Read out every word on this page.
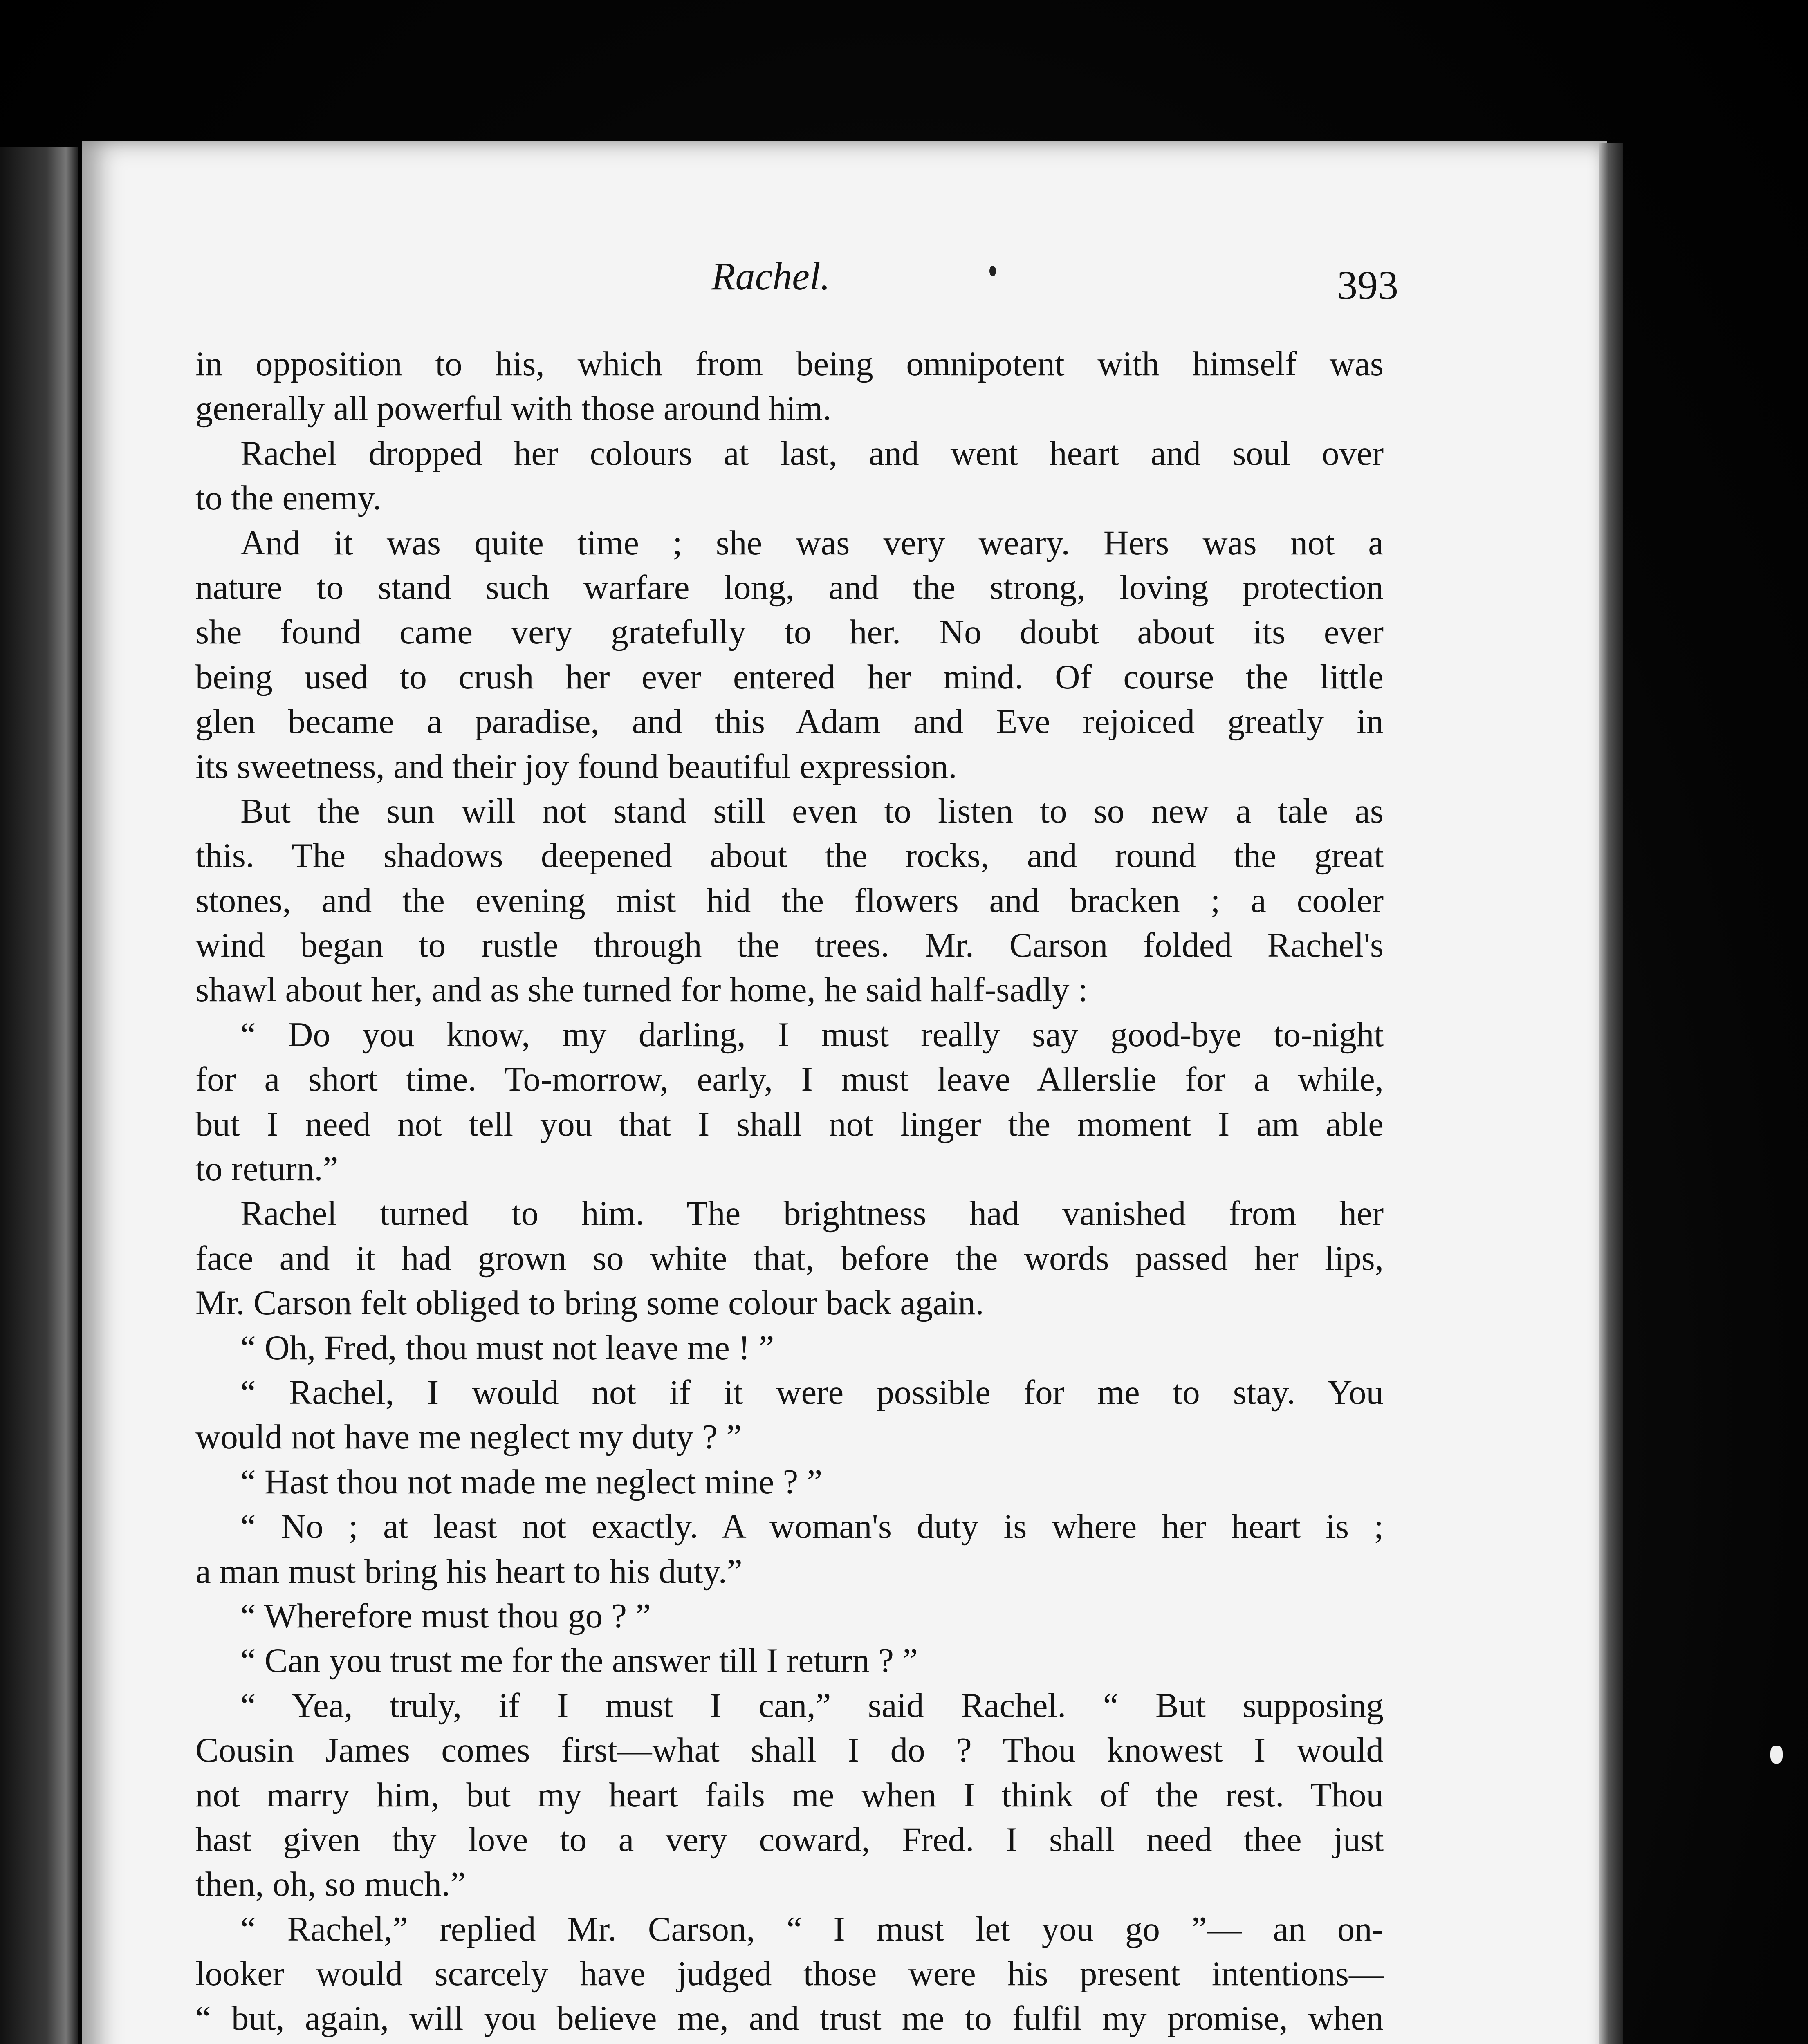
Rachel.	393
in opposition to his, which from being omnipotent with himself was
generally all powerful with those around him.
Rachel dropped her colours at last, and went heart and soul over
to the enemy.
And it was quite time ; she was very weary. Hers was not a
nature to stand such warfare long, and the strong, loving protection
she found came very gratefully to her. No doubt about its ever
being used to crush her ever entered her mind. Of course the little
glen became a paradise, and this Adam and Eve rejoiced greatly in
its sweetness, and their joy found beautiful expression.
But the sun will not stand still even to listen to so new a tale as
this. The shadows deepened about the rocks, and round the great
stones, and the evening mist hid the flowers and bracken ; a cooler
wind began to rustle through the trees. Mr. Carson folded Rachel's
shawl about her, and as she turned for home, he said half-sadly :
“ Do you know, my darling, I must really say good-bye to-night
for a short time. To-morrow, early, I must leave Allerslie for a while,
but I need not tell you that I shall not linger the moment I am able
to return.”
Rachel turned to him. The brightness had vanished from her
face and it had grown so white that, before the words passed her lips,
Mr. Carson felt obliged to bring some colour back again.
“ Oh, Fred, thou must not leave me ! ”
“ Rachel, I would not if it were possible for me to stay. You
would not have me neglect my duty ? ”
“ Hast thou not made me neglect mine ? ”
“ No ; at least not exactly. A woman's duty is where her heart is ;
a man must bring his heart to his duty.”
“ Wherefore must thou go ? ”
“ Can you trust me for the answer till I return ? ”
“ Yea, truly, if I must I can,” said Rachel. “ But supposing
Cousin James comes first—what shall I do ? Thou knowest I would
not marry him, but my heart fails me when I think of the rest. Thou
hast given thy love to a very coward, Fred. I shall need thee just
then, oh, so much.”
“ Rachel,” replied Mr. Carson, “ I must let you go ”— an on-
looker would scarcely have judged those were his present intentions—
“ but, again, will you believe me, and trust me to fulfil my promise, when
